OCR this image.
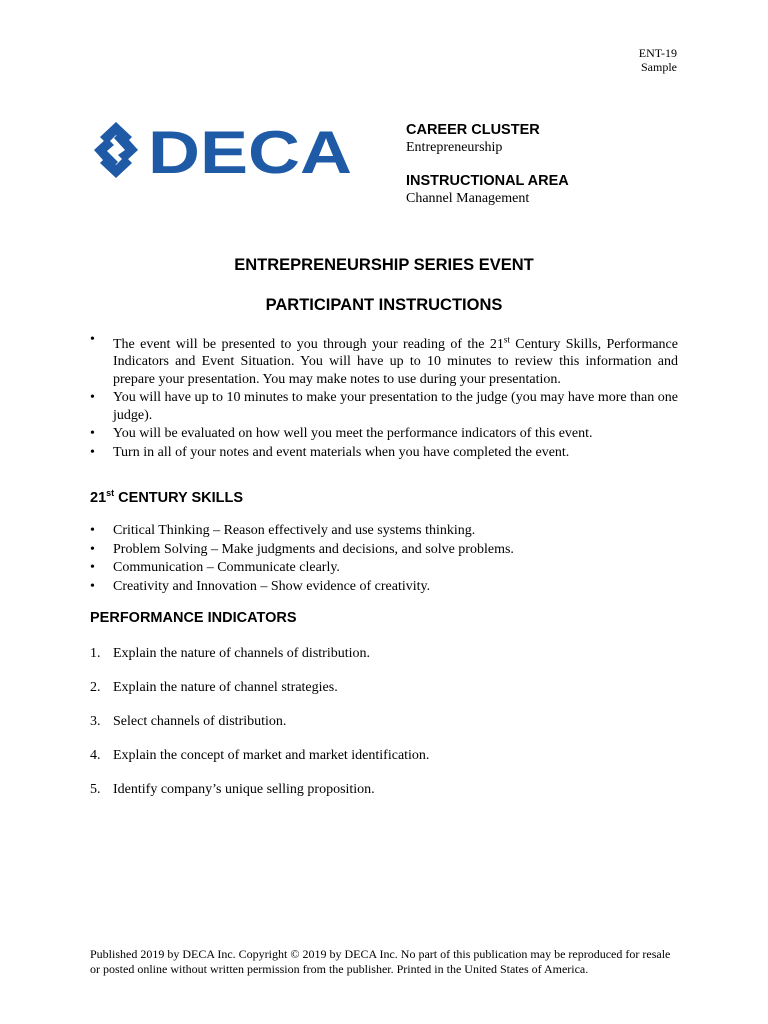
ENT-19
Sample
DECA	CAREER CLUSTER
Entrepreneurship
INSTRUCTIONAL AREA
Channel Management
ENTREPRENEURSHIP SERIES EVENT
PARTICIPANT INSTRUCTIONS
• The event will be presented to you through your reading of the 21st Century Skills, Performance Indicators and Event Situation. You will have up to 10 minutes to review this information and prepare your presentation. You may make notes to use during your presentation.
• You will have up to 10 minutes to make your presentation to the judge (you may have more than one judge).
• You will be evaluated on how well you meet the performance indicators of this event.
• Turn in all of your notes and event materials when you have completed the event.
21st CENTURY SKILLS
• Critical Thinking – Reason effectively and use systems thinking.
• Problem Solving – Make judgments and decisions, and solve problems.
• Communication – Communicate clearly.
• Creativity and Innovation – Show evidence of creativity.
PERFORMANCE INDICATORS
1. Explain the nature of channels of distribution.
2. Explain the nature of channel strategies.
3. Select channels of distribution.
4. Explain the concept of market and market identification.
5. Identify company’s unique selling proposition.
Published 2019 by DECA Inc. Copyright © 2019 by DECA Inc. No part of this publication may be reproduced for resale or posted online without written permission from the publisher. Printed in the United States of America.
